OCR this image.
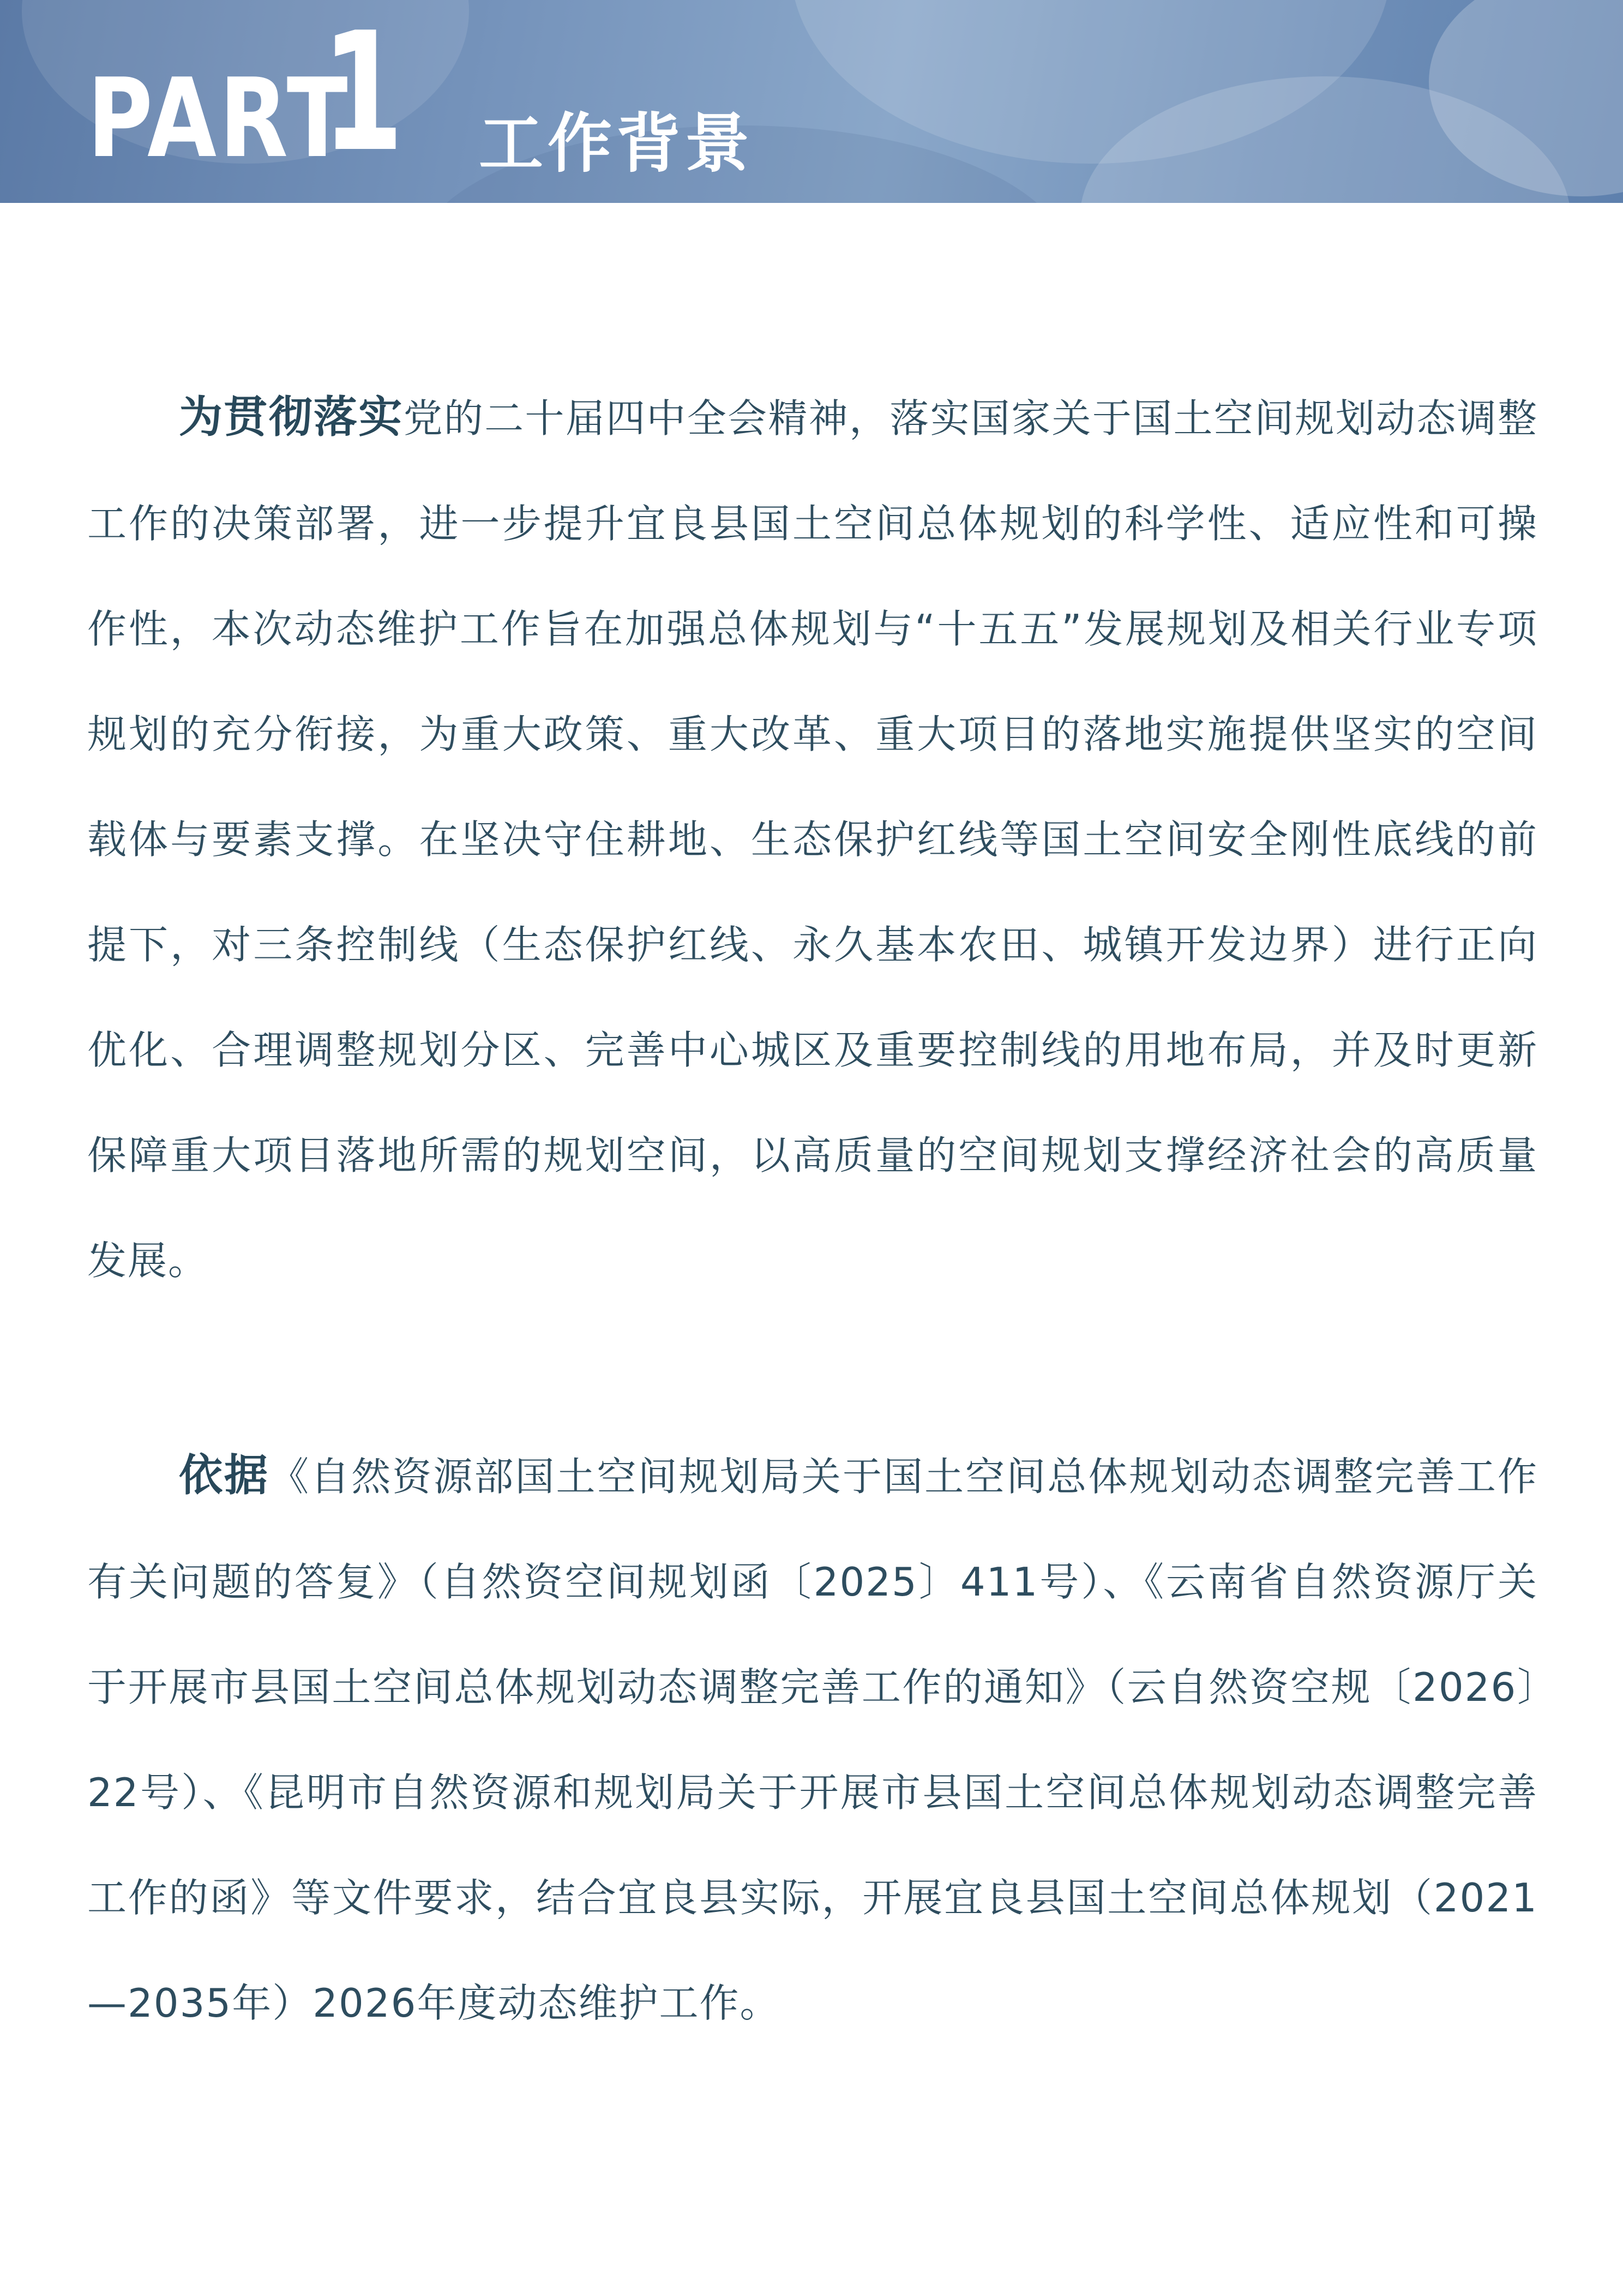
PART
1 工作背景

为贯彻落实党的二十届四中全会精神，落实国家关于国土空间规划动态调整工作的决策部署，进一步提升宜良县国土空间总体规划的科学性、适应性和可操作性，本次动态维护工作旨在加强总体规划与“十五五”发展规划及相关行业专项规划的充分衔接，为重大政策、重大改革、重大项目的落地实施提供坚实的空间载体与要素支撑。在坚决守住耕地、生态保护红线等国土空间安全刚性底线的前提下，对三条控制线（生态保护红线、永久基本农田、城镇开发边界）进行正向优化、合理调整规划分区、完善中心城区及重要控制线的用地布局，并及时更新保障重大项目落地所需的规划空间，以高质量的空间规划支撑经济社会的高质量发展。

依据《自然资源部国土空间规划局关于国土空间总体规划动态调整完善工作有关问题的答复》（自然资空间规划函〔2025〕411号）、《云南省自然资源厅关于开展市县国土空间总体规划动态调整完善工作的通知》（云自然资空规〔2026〕22号）、《昆明市自然资源和规划局关于开展市县国土空间总体规划动态调整完善工作的函》等文件要求，结合宜良县实际，开展宜良县国土空间总体规划（2021—2035年）2026年度动态维护工作。
